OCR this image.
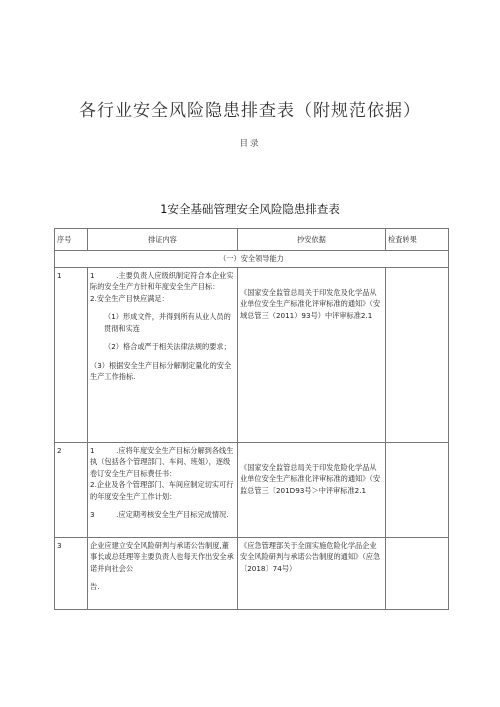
各行业安全风险隐患排查表（附规范依据）
目录
1安全基础管理安全风险隐患排查表
序号	排证内容	抄安依据	检査转果
（一）安全领导能力			
1	1　　　.主要负责人应级织制定符合本企业实际的安全生产方针和年度安全生产目标：
2.安全生产目怏应满足：
（1）形成文件，并得到所有从业人员的贯彻和实连
（2）格合或严于相关法律法规的要求；
（3）根据安全生产目标分解制定量化的安全生产工作指标.	《国家安全监管总局关于印发危及化学品从业单位安全生产标准化评审标准的通知》（安域总管三（2011）93号）中评审标准2.1	

2	1　　　.应将年度安全生产目标分解到各线生执（包括各个管理部门、车间、班姐），逐级卷订安全生产目标费任书：
2.企业及各个管理部门、车间应制定切实可行的年度安全生产工作计划：
3　　　.应定期考核安全生产目标完成情况.	《国家安全监管总局关于印发危险化学品从业单位安全生产标准化评审标准的通知》（安监总管三〔201D93号＞中评审标准2.1	

3	企业应建立安全风险研判与承诺公告制度,董事长或总廷理等主要负责人也每天作出安全承诺并向社会公
告.	《应急管理部关于全面实施危险化学品企业安全风险研判与承诺公告制度的通知》（应急〔2018〕74号）	
